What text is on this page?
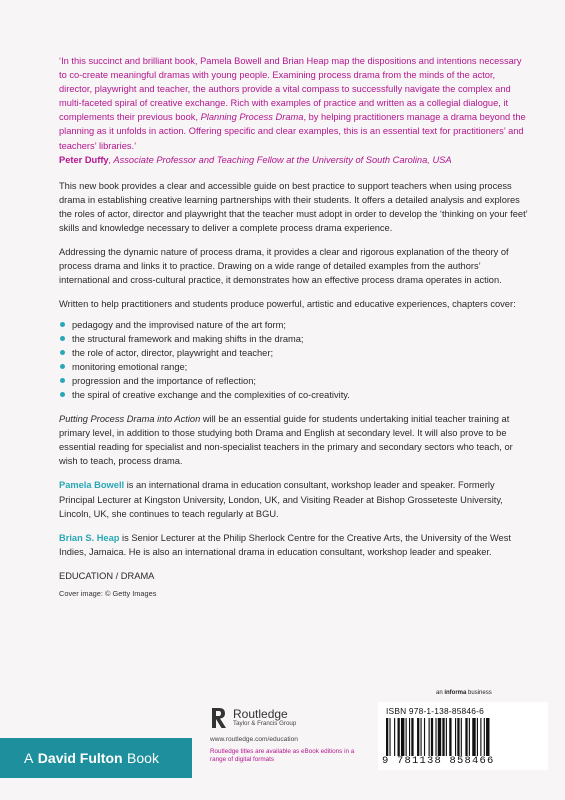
‘In this succinct and brilliant book, Pamela Bowell and Brian Heap map the dispositions and intentions necessary to co-create meaningful dramas with young people. Examining process drama from the minds of the actor, director, playwright and teacher, the authors provide a vital compass to successfully navigate the complex and multi-faceted spiral of creative exchange. Rich with examples of practice and written as a collegial dialogue, it complements their previous book, Planning Process Drama, by helping practitioners manage a drama beyond the planning as it unfolds in action. Offering specific and clear examples, this is an essential text for practitioners’ and teachers’ libraries.’
Peter Duffy, Associate Professor and Teaching Fellow at the University of South Carolina, USA

This new book provides a clear and accessible guide on best practice to support teachers when using process drama in establishing creative learning partnerships with their students. It offers a detailed analysis and explores the roles of actor, director and playwright that the teacher must adopt in order to develop the ‘thinking on your feet’ skills and knowledge necessary to deliver a complete process drama experience.

Addressing the dynamic nature of process drama, it provides a clear and rigorous explanation of the theory of process drama and links it to practice. Drawing on a wide range of detailed examples from the authors’ international and cross-cultural practice, it demonstrates how an effective process drama operates in action.

Written to help practitioners and students produce powerful, artistic and educative experiences, chapters cover:

pedagogy and the improvised nature of the art form;
the structural framework and making shifts in the drama;
the role of actor, director, playwright and teacher;
monitoring emotional range;
progression and the importance of reflection;
the spiral of creative exchange and the complexities of co-creativity.

Putting Process Drama into Action will be an essential guide for students undertaking initial teacher training at primary level, in addition to those studying both Drama and English at secondary level. It will also prove to be essential reading for specialist and non-specialist teachers in the primary and secondary sectors who teach, or wish to teach, process drama.

Pamela Bowell is an international drama in education consultant, workshop leader and speaker. Formerly Principal Lecturer at Kingston University, London, UK, and Visiting Reader at Bishop Grosseteste University, Lincoln, UK, she continues to teach regularly at BGU.

Brian S. Heap is Senior Lecturer at the Philip Sherlock Centre for the Creative Arts, the University of the West Indies, Jamaica. He is also an international drama in education consultant, workshop leader and speaker.

EDUCATION / DRAMA
Cover image: © Getty Images
A
David Fulton
Book
Routledge
Taylor & Francis Group
www.routledge.com/education
Routledge titles are available as eBook editions in a range of digital formats
an informa business
ISBN 978-1-138-85846-6
9 781138 858466
